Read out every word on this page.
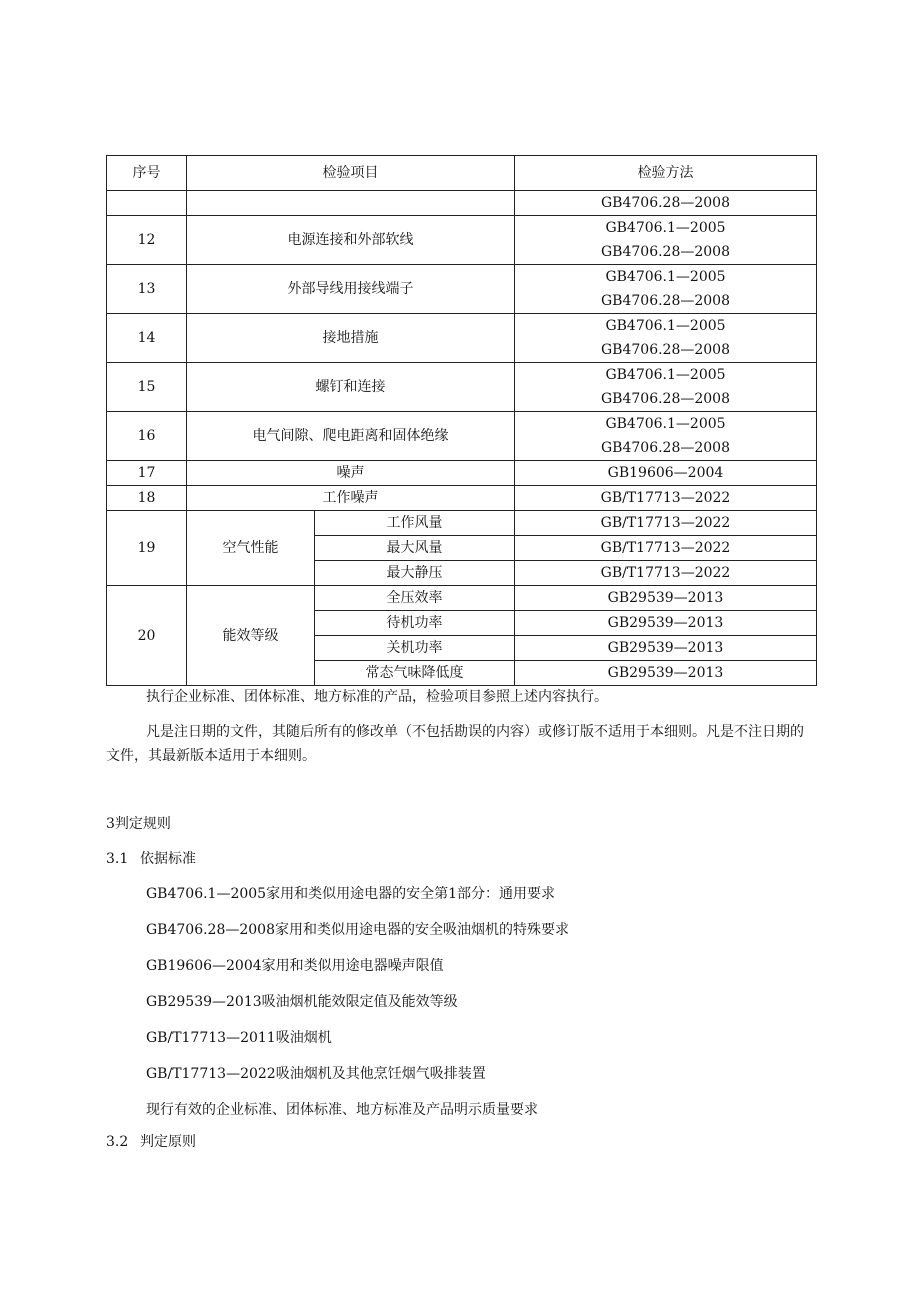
序号	检验项目		检验方法

			GB4706.28—2008

12	电源连接和外部软线		GB4706.1—2005
GB4706.28—2008

13	外部导线用接线端子		GB4706.1—2005
GB4706.28—2008

14	接地措施		GB4706.1—2005
GB4706.28—2008

15	螺钉和连接		GB4706.1—2005
GB4706.28—2008

16	电气间隙、爬电距离和固体绝缘		GB4706.1—2005
GB4706.28—2008

17	噪声		GB19606—2004

18	工作噪声		GB/T17713—2022

19	空气性能	工作风量	GB/T17713—2022
		最大风量	GB/T17713—2022
		最大静压	GB/T17713—2022
20	能效等级	全压效率	GB29539—2013
		待机功率	GB29539—2013
		关机功率	GB29539—2013
		常态气味降低度	GB29539—2013

执行企业标准、团体标准、地方标准的产品，检验项目参照上述内容执行。

凡是注日期的文件，其随后所有的修改单（不包括勘误的内容）或修订版不适用于本细则。凡是不注日期的文件，其最新版本适用于本细则。

3判定规则

3.1 依据标准

GB4706.1—2005家用和类似用途电器的安全第1部分：通用要求
GB4706.28—2008家用和类似用途电器的安全吸油烟机的特殊要求
GB19606—2004家用和类似用途电器噪声限值
GB29539—2013吸油烟机能效限定值及能效等级
GB/T17713—2011吸油烟机
GB/T17713—2022吸油烟机及其他烹饪烟气吸排装置
现行有效的企业标准、团体标准、地方标准及产品明示质量要求

3.2 判定原则
